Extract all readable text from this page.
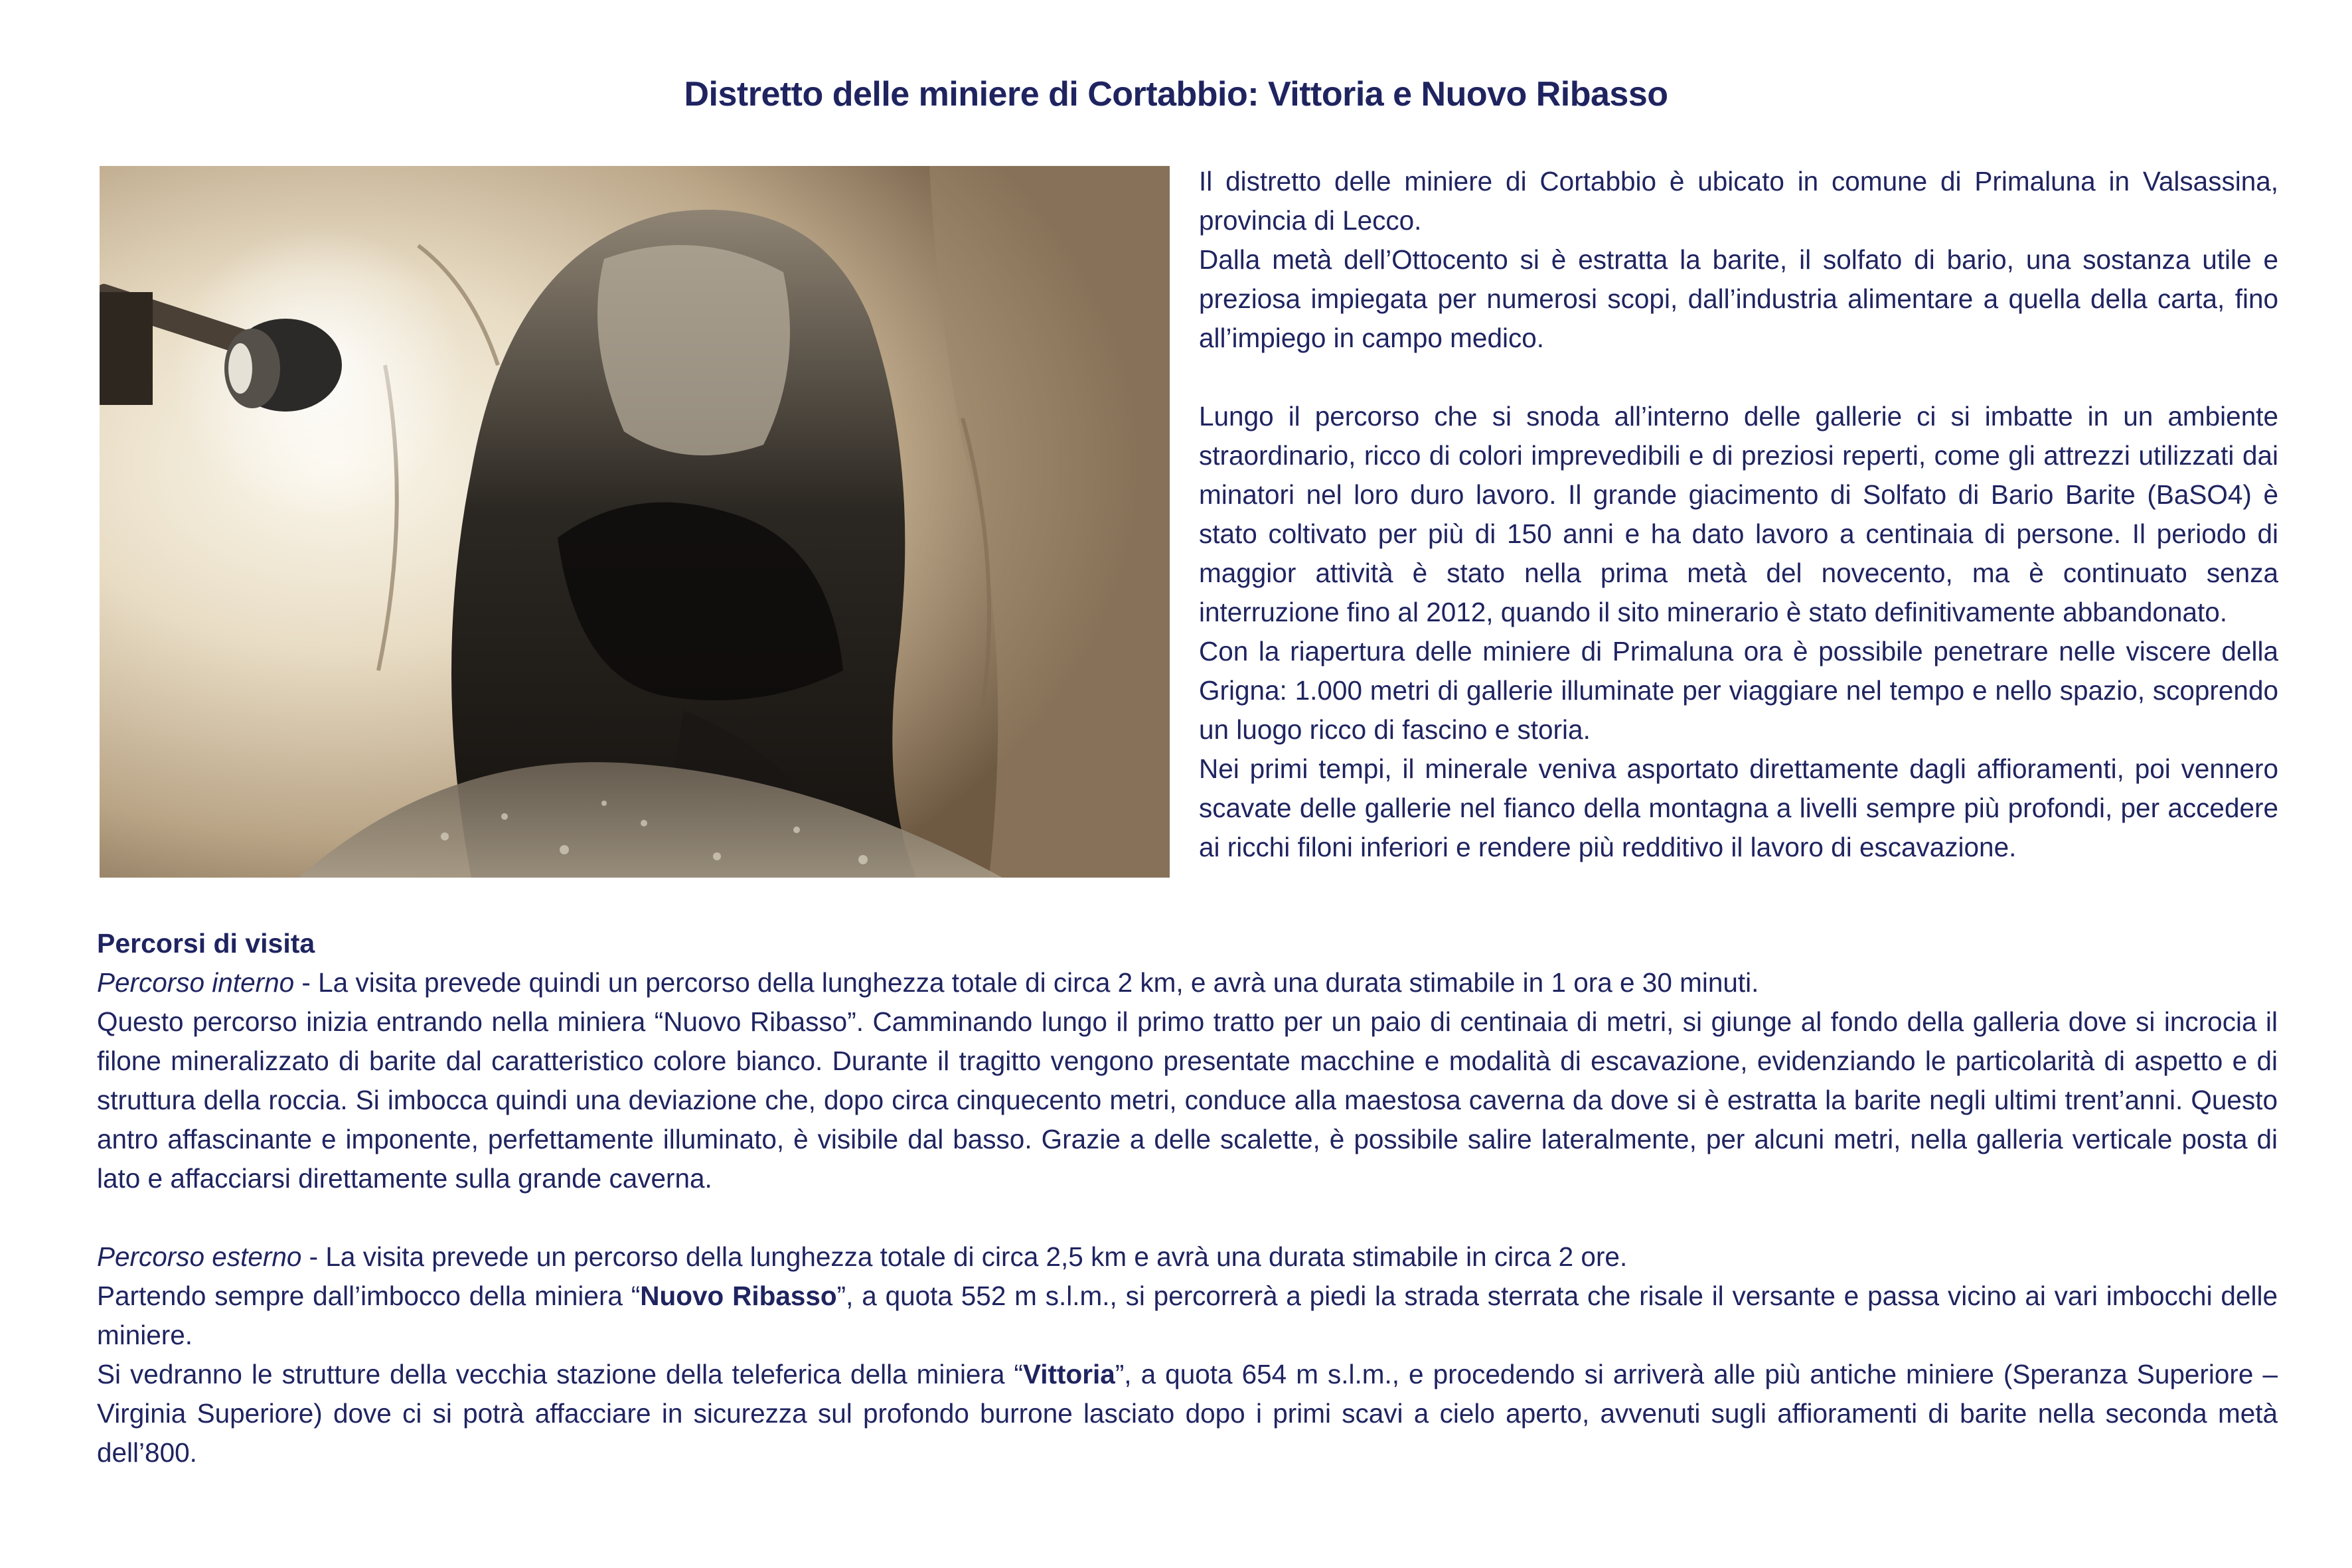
Distretto delle miniere di Cortabbio: Vittoria e Nuovo Ribasso

Il distretto delle miniere di Cortabbio è ubicato in comune di Primaluna in Valsassina, provincia di Lecco.

Dalla metà dell’Ottocento si è estratta la barite, il solfato di bario, una sostanza utile e preziosa impiegata per numerosi scopi, dall’industria alimentare a quella della carta, fino all’impiego in campo medico.

Lungo il percorso che si snoda all’interno delle gallerie ci si imbatte in un ambiente straordinario, ricco di colori imprevedibili e di preziosi reperti, come gli attrezzi utilizzati dai minatori nel loro duro lavoro. Il grande giacimento di Solfato di Bario Barite (BaSO4) è stato coltivato per più di 150 anni e ha dato lavoro a centinaia di persone. Il periodo di maggior attività è stato nella prima metà del novecento, ma è continuato senza interruzione fino al 2012, quando il sito minerario è stato definitivamente abbandonato.

Con la riapertura delle miniere di Primaluna ora è possibile penetrare nelle viscere della Grigna: 1.000 metri di gallerie illuminate per viaggiare nel tempo e nello spazio, scoprendo un luogo ricco di fascino e storia.

Nei primi tempi, il minerale veniva asportato direttamente dagli affioramenti, poi vennero scavate delle gallerie nel fianco della montagna a livelli sempre più profondi, per accedere ai ricchi filoni inferiori e rendere più redditivo il lavoro di escavazione.

Percorsi di visita

Percorso interno - La visita prevede quindi un percorso della lunghezza totale di circa 2 km, e avrà una durata stimabile in 1 ora e 30 minuti.

Questo percorso inizia entrando nella miniera “Nuovo Ribasso”. Camminando lungo il primo tratto per un paio di centinaia di metri, si giunge al fondo della galleria dove si incrocia il filone mineralizzato di barite dal caratteristico colore bianco. Durante il tragitto vengono presentate macchine e modalità di escavazione, evidenziando le particolarità di aspetto e di struttura della roccia. Si imbocca quindi una deviazione che, dopo circa cinquecento metri, conduce alla maestosa caverna da dove si è estratta la barite negli ultimi trent’anni. Questo antro affascinante e imponente, perfettamente illuminato, è visibile dal basso. Grazie a delle scalette, è possibile salire lateralmente, per alcuni metri, nella galleria verticale posta di lato e affacciarsi direttamente sulla grande caverna.

Percorso esterno - La visita prevede un percorso della lunghezza totale di circa 2,5 km e avrà una durata stimabile in circa 2 ore.

Partendo sempre dall’imbocco della miniera “Nuovo Ribasso”, a quota 552 m s.l.m., si percorrerà a piedi la strada sterrata che risale il versante e passa vicino ai vari imbocchi delle miniere.

Si vedranno le strutture della vecchia stazione della teleferica della miniera “Vittoria”, a quota 654 m s.l.m., e procedendo si arriverà alle più antiche miniere (Speranza Superiore – Virginia Superiore) dove ci si potrà affacciare in sicurezza sul profondo burrone lasciato dopo i primi scavi a cielo aperto, avvenuti sugli affioramenti di barite nella seconda metà dell’800.
